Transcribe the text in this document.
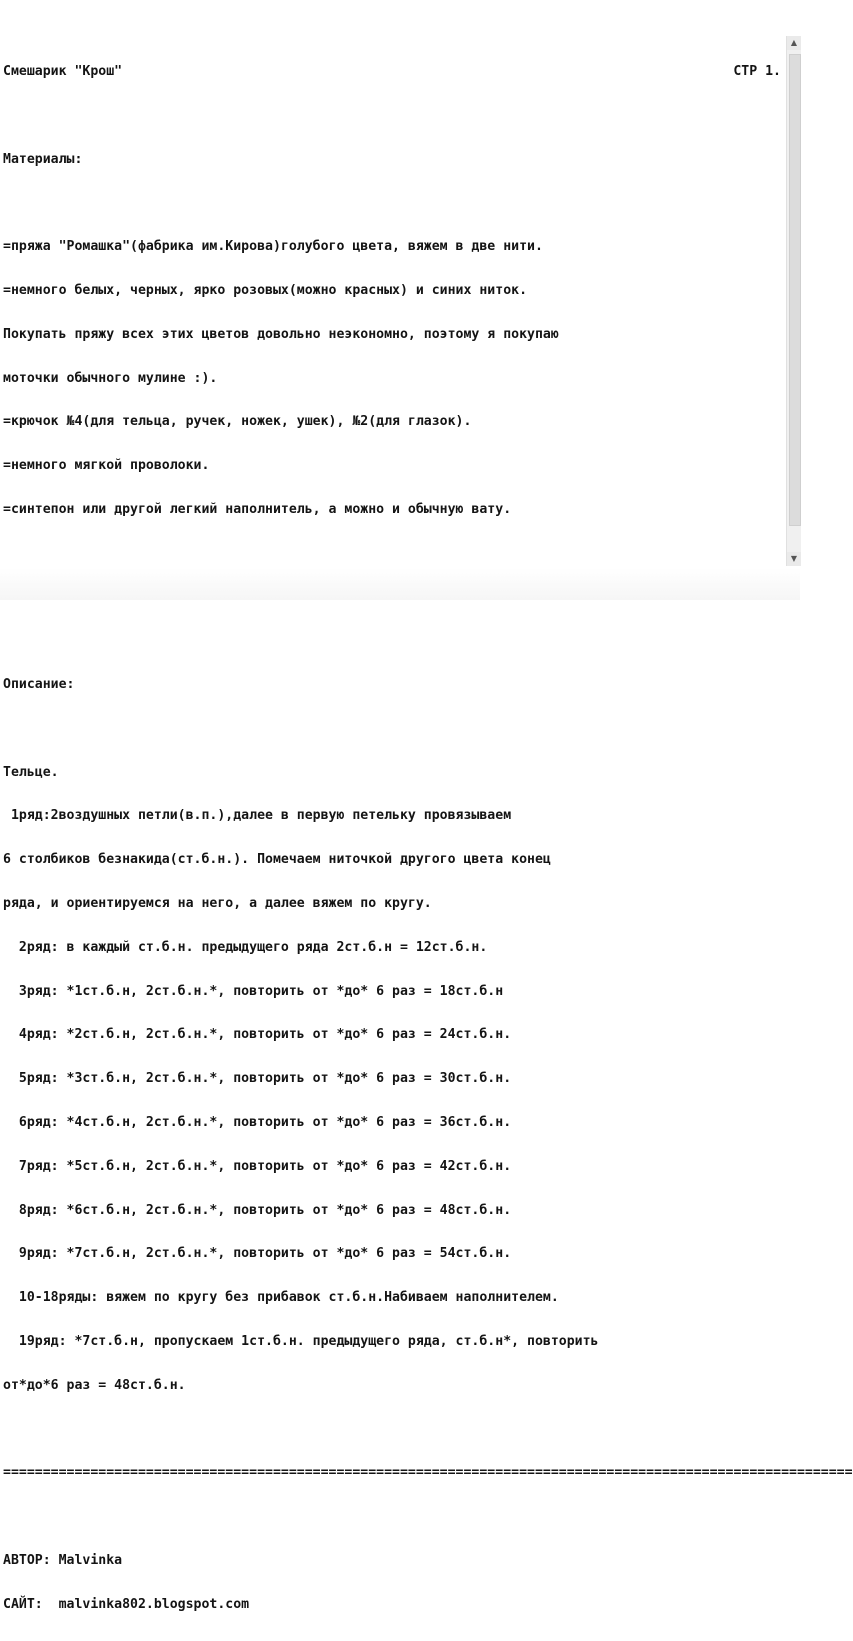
Смешарик "Крош"	СТР 1.

Материалы:

=пряжа "Ромашка"(фабрика им.Кирова)голубого цвета, вяжем в две нити.

=немного белых, черных, ярко розовых(можно красных) и синих ниток.

Покупать пряжу всех этих цветов довольно неэкономно, поэтому я покупаю

моточки обычного мулине :).

=крючок №4(для тельца, ручек, ножек, ушек), №2(для глазок).

=немного мягкой проволоки.

=синтепон или другой легкий наполнитель, а можно и обычную вату.

Описание:

Тельце.

1ряд:2воздушных петли(в.п.),далее в первую петельку провязываем

6 столбиков безнакида(ст.б.н.). Помечаем ниточкой другого цвета конец

ряда, и ориентируемся на него, а далее вяжем по кругу.

2ряд: в каждый ст.б.н. предыдущего ряда 2ст.б.н = 12ст.б.н.

3ряд: *1ст.б.н, 2ст.б.н.*, повторить от *до* 6 раз = 18ст.б.н

4ряд: *2ст.б.н, 2ст.б.н.*, повторить от *до* 6 раз = 24ст.б.н.

5ряд: *3ст.б.н, 2ст.б.н.*, повторить от *до* 6 раз = 30ст.б.н.

6ряд: *4ст.б.н, 2ст.б.н.*, повторить от *до* 6 раз = 36ст.б.н.

7ряд: *5ст.б.н, 2ст.б.н.*, повторить от *до* 6 раз = 42ст.б.н.

8ряд: *6ст.б.н, 2ст.б.н.*, повторить от *до* 6 раз = 48ст.б.н.

9ряд: *7ст.б.н, 2ст.б.н.*, повторить от *до* 6 раз = 54ст.б.н.

10-18ряды: вяжем по кругу без прибавок ст.б.н.Набиваем наполнителем.

19ряд: *7ст.б.н, пропускаем 1ст.б.н. предыдущего ряда, ст.б.н*, повторить

от*до*6 раз = 48ст.б.н.

===========================================================================================================

АВТОР: Malvinka

САЙТ:  malvinka802.blogspot.com

▲
▼
